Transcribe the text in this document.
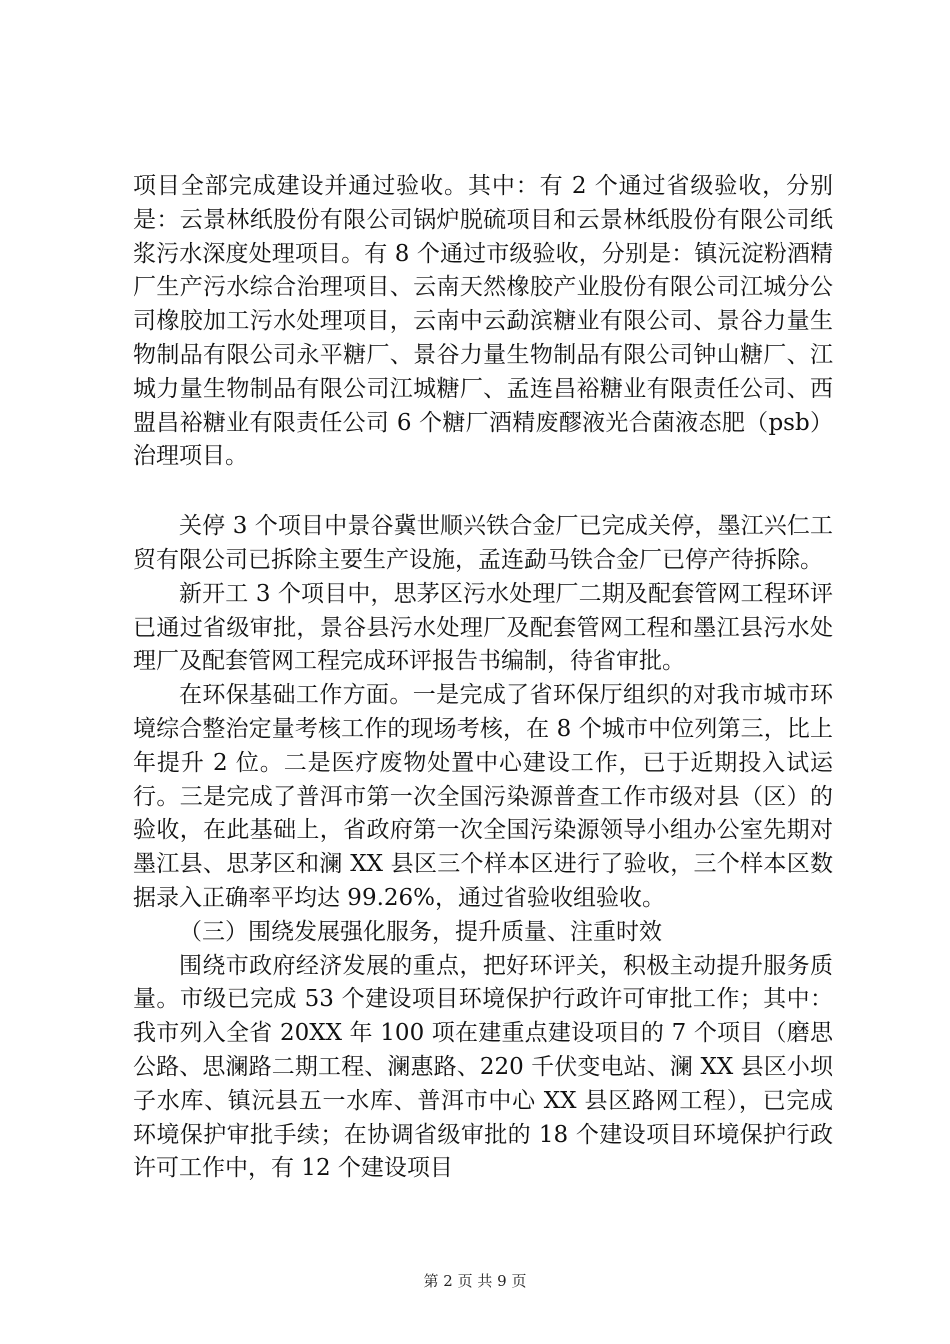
项目全部完成建设并通过验收。其中：有 2 个通过省级验收，分别是：云景林纸股份有限公司锅炉脱硫项目和云景林纸股份有限公司纸浆污水深度处理项目。有 8 个通过市级验收，分别是：镇沅淀粉酒精厂生产污水综合治理项目、云南天然橡胶产业股份有限公司江城分公司橡胶加工污水处理项目，云南中云勐滨糖业有限公司、景谷力量生物制品有限公司永平糖厂、景谷力量生物制品有限公司钟山糖厂、江城力量生物制品有限公司江城糖厂、孟连昌裕糖业有限责任公司、西盟昌裕糖业有限责任公司 6 个糖厂酒精废醪液光合菌液态肥（psb）治理项目。

关停 3 个项目中景谷冀世顺兴铁合金厂已完成关停，墨江兴仁工贸有限公司已拆除主要生产设施，孟连勐马铁合金厂已停产待拆除。

新开工 3 个项目中，思茅区污水处理厂二期及配套管网工程环评已通过省级审批，景谷县污水处理厂及配套管网工程和墨江县污水处理厂及配套管网工程完成环评报告书编制，待省审批。

在环保基础工作方面。一是完成了省环保厅组织的对我市城市环境综合整治定量考核工作的现场考核，在 8 个城市中位列第三，比上年提升 2 位。二是医疗废物处置中心建设工作，已于近期投入试运行。三是完成了普洱市第一次全国污染源普查工作市级对县（区）的验收，在此基础上，省政府第一次全国污染源领导小组办公室先期对墨江县、思茅区和澜 XX 县区三个样本区进行了验收，三个样本区数据录入正确率平均达 99.26%，通过省验收组验收。

（三）围绕发展强化服务，提升质量、注重时效

围绕市政府经济发展的重点，把好环评关，积极主动提升服务质量。市级已完成 53 个建设项目环境保护行政许可审批工作；其中：我市列入全省 20XX 年 100 项在建重点建设项目的 7 个项目（磨思公路、思澜路二期工程、澜惠路、220 千伏变电站、澜 XX 县区小坝子水库、镇沅县五一水库、普洱市中心 XX 县区路网工程），已完成环境保护审批手续；在协调省级审批的 18 个建设项目环境保护行政许可工作中，有 12 个建设项目

第 2 页 共 9 页
